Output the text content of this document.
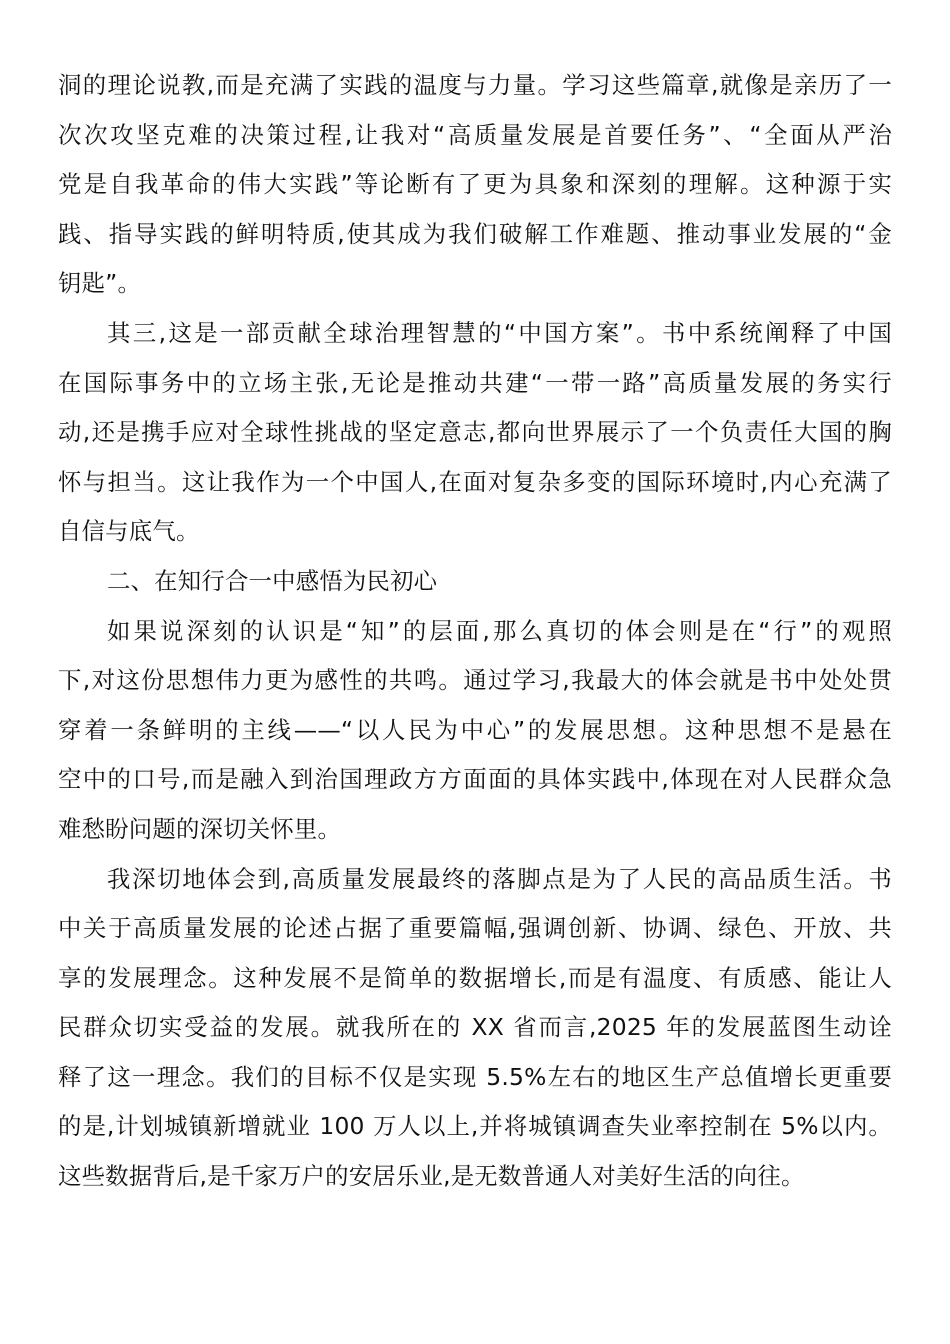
洞的理论说教,而是充满了实践的温度与力量。学习这些篇章,就像是亲历了一
次次攻坚克难的决策过程,让我对“高质量发展是首要任务”、“全面从严治
党是自我革命的伟大实践”等论断有了更为具象和深刻的理解。这种源于实
践、指导实践的鲜明特质,使其成为我们破解工作难题、推动事业发展的“金
钥匙”。
其三,这是一部贡献全球治理智慧的“中国方案”。书中系统阐释了中国
在国际事务中的立场主张,无论是推动共建“一带一路”高质量发展的务实行
动,还是携手应对全球性挑战的坚定意志,都向世界展示了一个负责任大国的胸
怀与担当。这让我作为一个中国人,在面对复杂多变的国际环境时,内心充满了
自信与底气。
二、在知行合一中感悟为民初心
如果说深刻的认识是“知”的层面,那么真切的体会则是在“行”的观照
下,对这份思想伟力更为感性的共鸣。通过学习,我最大的体会就是书中处处贯
穿着一条鲜明的主线——“以人民为中心”的发展思想。这种思想不是悬在
空中的口号,而是融入到治国理政方方面面的具体实践中,体现在对人民群众急
难愁盼问题的深切关怀里。
我深切地体会到,高质量发展最终的落脚点是为了人民的高品质生活。书
中关于高质量发展的论述占据了重要篇幅,强调创新、协调、绿色、开放、共
享的发展理念。这种发展不是简单的数据增长,而是有温度、有质感、能让人
民群众切实受益的发展。就我所在的 XX 省而言,2025 年的发展蓝图生动诠
释了这一理念。我们的目标不仅是实现 5.5%左右的地区生产总值增长更重要
的是,计划城镇新增就业 100 万人以上,并将城镇调查失业率控制在 5%以内。
这些数据背后,是千家万户的安居乐业,是无数普通人对美好生活的向往。
